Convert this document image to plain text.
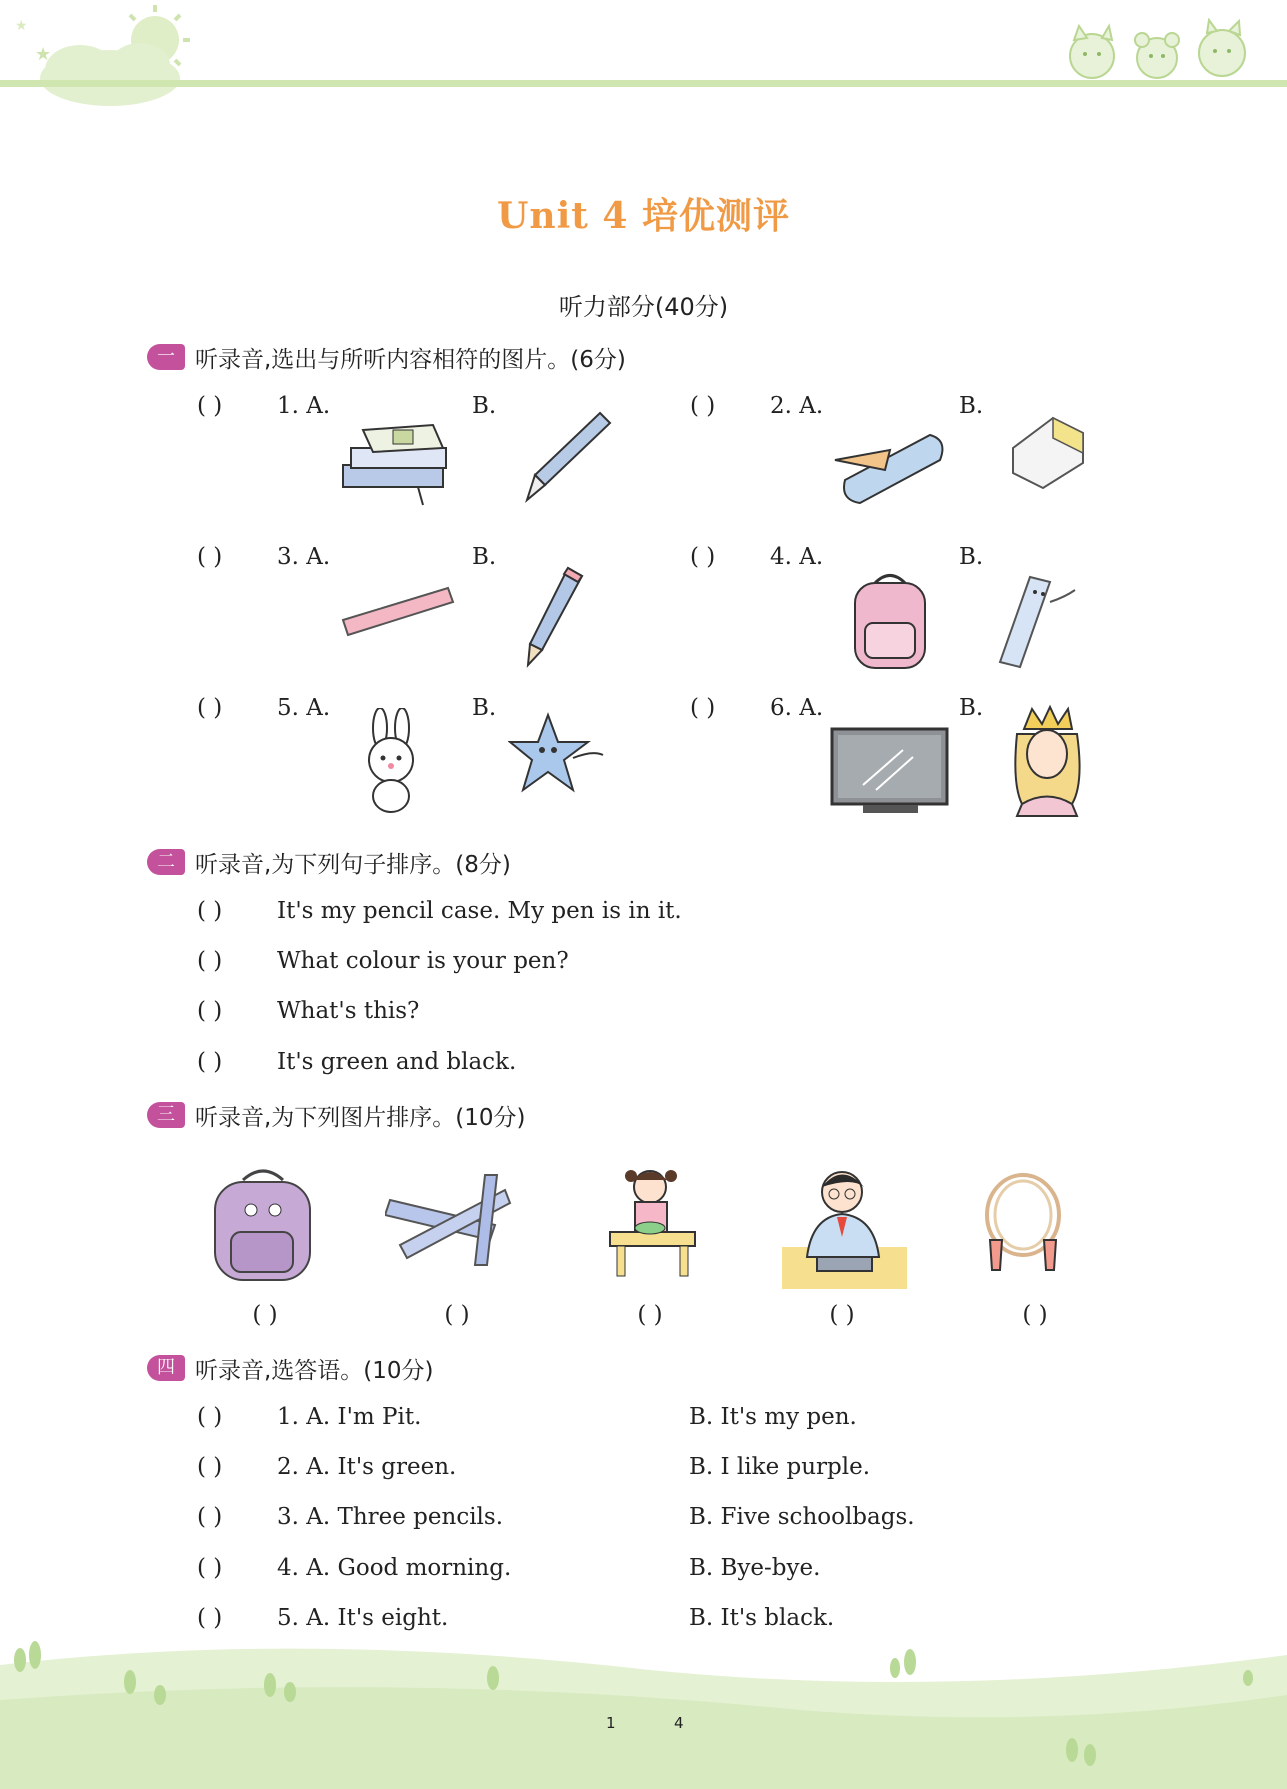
★
★
Unit 4 培优测评
听力部分(40分)
一 听录音,选出与所听内容相符的图片。(6分)
( ) 1. A.	B.	( ) 2. A.	B.
( ) 3. A.	B.	( ) 4. A.	B.
( ) 5. A.	B.	( ) 6. A.	B.
二 听录音,为下列句子排序。(8分)
( ) It's my pencil case. My pen is in it.
( ) What colour is your pen?
( ) What's this?
( ) It's green and black.
三 听录音,为下列图片排序。(10分)
( )	( )	( )	( )	( )
四 听录音,选答语。(10分)
( ) 1. A. I'm Pit.	B. It's my pen.
( ) 2. A. It's green.	B. I like purple.
( ) 3. A. Three pencils.	B. Five schoolbags.
( ) 4. A. Good morning.	B. Bye-bye.
( ) 5. A. It's eight.	B. It's black.
1	4
